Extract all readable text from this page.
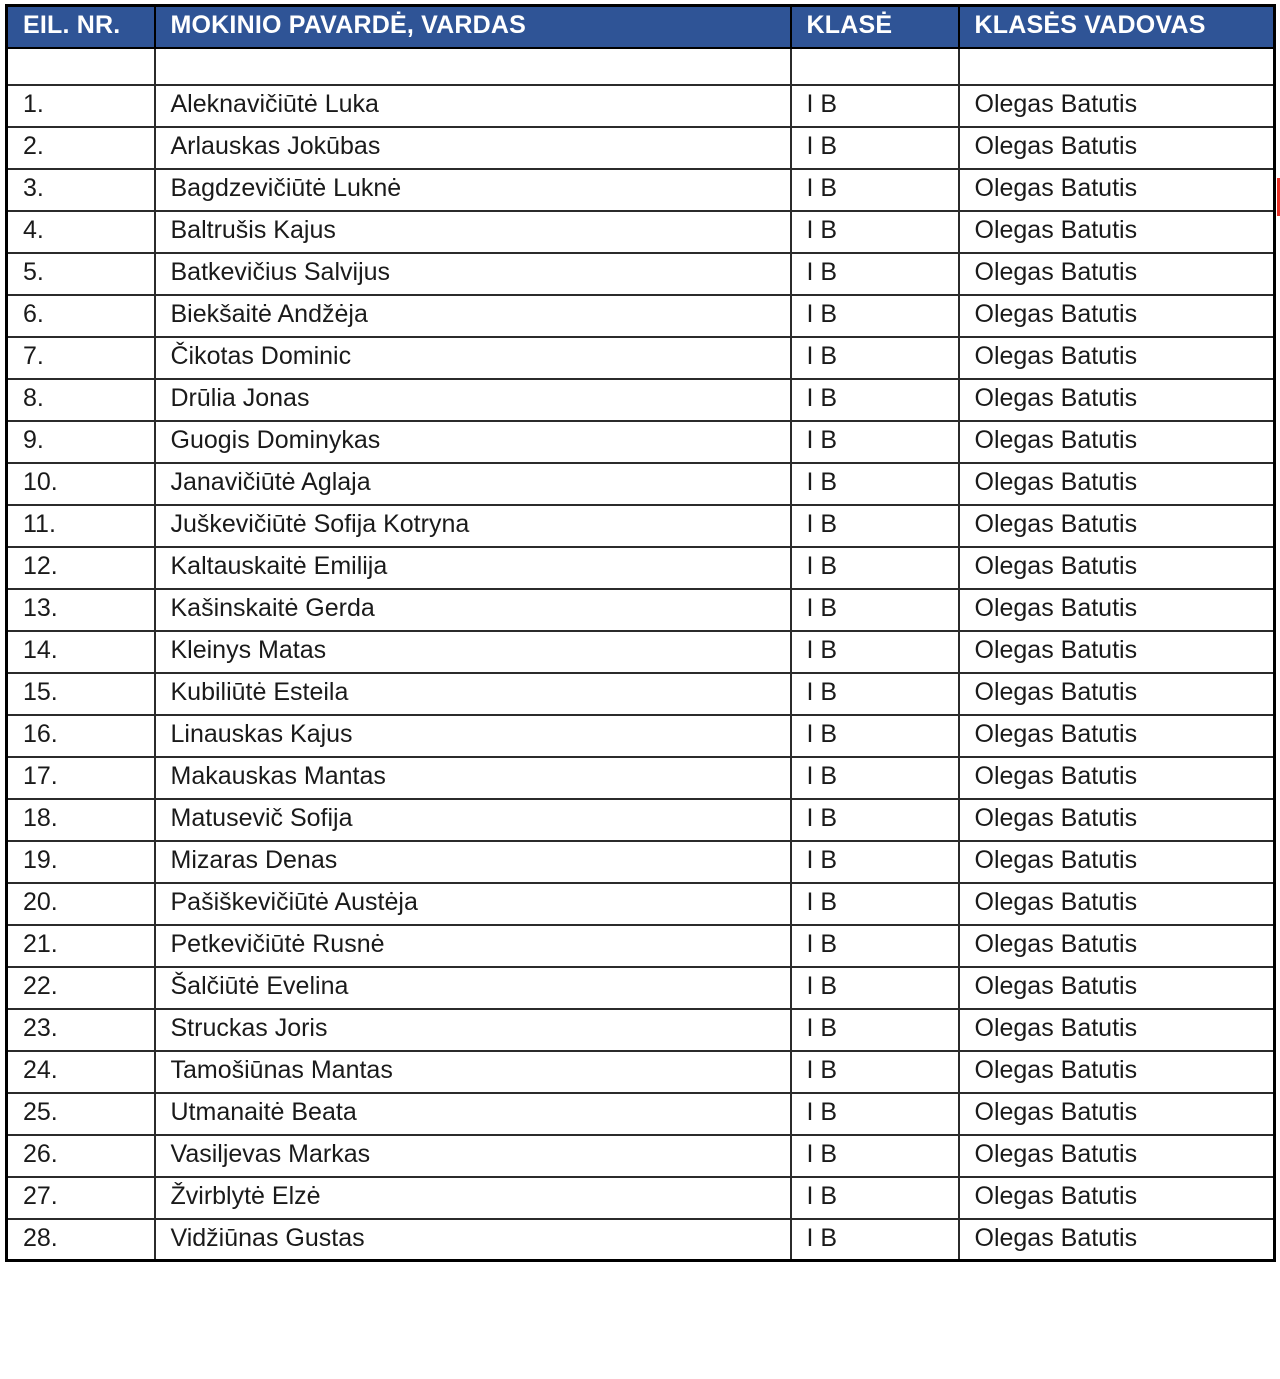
EIL. NR.	MOKINIO PAVARDĖ, VARDAS	KLASĖ	KLASĖS VADOVAS

1.	Aleknavičiūtė Luka	I B	Olegas Batutis
2.	Arlauskas Jokūbas	I B	Olegas Batutis
3.	Bagdzevičiūtė Luknė	I B	Olegas Batutis
4.	Baltrušis Kajus	I B	Olegas Batutis
5.	Batkevičius Salvijus	I B	Olegas Batutis
6.	Biekšaitė Andžėja	I B	Olegas Batutis
7.	Čikotas Dominic	I B	Olegas Batutis
8.	Drūlia Jonas	I B	Olegas Batutis
9.	Guogis Dominykas	I B	Olegas Batutis
10.	Janavičiūtė Aglaja	I B	Olegas Batutis
11.	Juškevičiūtė Sofija Kotryna	I B	Olegas Batutis
12.	Kaltauskaitė Emilija	I B	Olegas Batutis
13.	Kašinskaitė Gerda	I B	Olegas Batutis
14.	Kleinys Matas	I B	Olegas Batutis
15.	Kubiliūtė Esteila	I B	Olegas Batutis
16.	Linauskas Kajus	I B	Olegas Batutis
17.	Makauskas Mantas	I B	Olegas Batutis
18.	Matusevič Sofija	I B	Olegas Batutis
19.	Mizaras Denas	I B	Olegas Batutis
20.	Pašiškevičiūtė Austėja	I B	Olegas Batutis
21.	Petkevičiūtė Rusnė	I B	Olegas Batutis
22.	Šalčiūtė Evelina	I B	Olegas Batutis
23.	Struckas Joris	I B	Olegas Batutis
24.	Tamošiūnas Mantas	I B	Olegas Batutis
25.	Utmanaitė Beata	I B	Olegas Batutis
26.	Vasiljevas Markas	I B	Olegas Batutis
27.	Žvirblytė Elzė	I B	Olegas Batutis
28.	Vidžiūnas Gustas	I B	Olegas Batutis
